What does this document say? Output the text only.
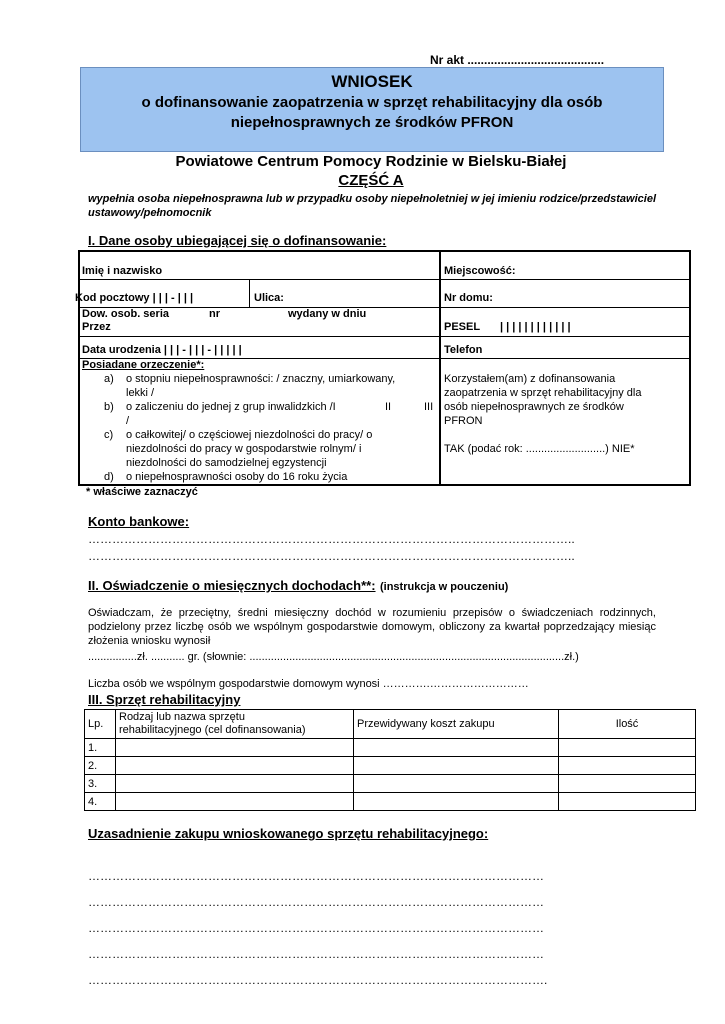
Nr akt .........................................
WNIOSEK
o dofinansowanie zaopatrzenia w sprzęt rehabilitacyjny dla osób
niepełnosprawnych ze środków PFRON
Powiatowe Centrum Pomocy Rodzinie w Bielsku-Białej
CZĘŚĆ A
wypełnia osoba niepełnosprawna lub w przypadku osoby niepełnoletniej w jej imieniu rodzice/przedstawiciel ustawowy/pełnomocnik
I. Dane osoby ubiegającej się o dofinansowanie:
Imię i nazwisko	Miejscowość:
Kod pocztowy | | | - | | |	Ulica:	Nr domu:
Dow. osob. seria	nr	wydany w dniu
Przez	PESEL | | | | | | | | | | | |
Data urodzenia | | | - | | | - | | | | |	Telefon
Posiadane orzeczenie*:
a) o stopniu niepełnosprawności: / znaczny, umiarkowany,
lekki /
b) o zaliczeniu do jednej z grup inwalidzkich /I	II	III
/
c) o całkowitej/ o częściowej niezdolności do pracy/ o
niezdolności do pracy w gospodarstwie rolnym/ i
niezdolności do samodzielnej egzystencji
d) o niepełnosprawności osoby do 16 roku życia
Korzystałem(am) z dofinansowania
zaopatrzenia w sprzęt rehabilitacyjny dla
osób niepełnosprawnych ze środków
PFRON
TAK (podać rok: ..........................) NIE*
* właściwe zaznaczyć
Konto bankowe:
…………………………………………………………………………………………………………..
…………………………………………………………………………………………………………..
II. Oświadczenie o miesięcznych dochodach**: (instrukcja w pouczeniu)
Oświadczam, że przeciętny, średni miesięczny dochód w rozumieniu przepisów o świadczeniach rodzinnych, podzielony przez liczbę osób we wspólnym gospodarstwie domowym, obliczony za kwartał poprzedzający miesiąc złożenia wniosku wynosił
................zł. ........... gr. (słownie: .......................................................................................................zł.)
Liczba osób we wspólnym gospodarstwie domowym wynosi ………….………………………
III. Sprzęt rehabilitacyjny
Lp.	Rodzaj lub nazwa sprzętu
rehabilitacyjnego (cel dofinansowania)	Przewidywany koszt zakupu	Ilość
1.			
2.			
3.			
4.			
Uzasadnienie zakupu wnioskowanego sprzętu rehabilitacyjnego:
……………………………………………………………………………………………………
……………………………………………………………………………………………………
……………………………………………………………………………………………………
……………………………………………………………………………………………………
…………………………………………………………………………………………………….
